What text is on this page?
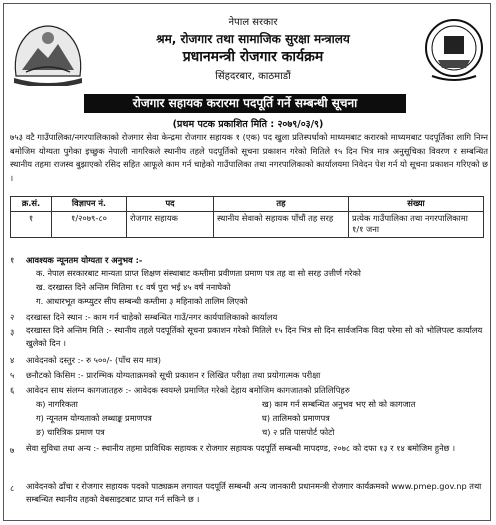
नेपाल सरकार
श्रम, रोजगार तथा सामाजिक सुरक्षा मन्त्रालय
प्रधानमन्त्री रोजगार कार्यक्रम
सिंहदरबार, काठमाडौं
रोजगार सहायक करारमा पदपूर्ति गर्ने सम्बन्धी सूचना
(प्रथम पटक प्रकाशित मिति : २०७९/०३/९)
७५३ वटै गाउँपालिका/नगरपालिकाको रोजगार सेवा केन्द्रमा रोजगार सहायक १ (एक) पद खुला प्रतिस्पर्धाको माध्यमबाट करारको माध्यमबाट पदपूर्तिका लागि निम्न बमोजिम योग्यता पुगेका इच्छुक नेपाली नागरिकले स्थानीय तहले पदपूर्तिको सूचना प्रकाशन गरेको मितिले १५ दिन भित्र मात्र अनुसूचिका विवरण र सम्बन्धित स्थानीय तहमा राजस्व बुझाएको रसिद सहित आफूले काम गर्न चाहेको गाउँपालिका तथा नगरपालिकाको कार्यालयमा निवेदन पेश गर्न यो सूचना प्रकाशन गरिएको छ ।
क्र.सं.	विज्ञापन नं.	पद	तह	संख्या
१	१/२०७९-८०	रोजगार सहायक	स्थानीय सेवाको सहायक पाँचौं तह सरह	प्रत्येक गाउँपालिका तथा नगरपालिकामा १/१ जना
१ आवश्यक न्यूनतम योग्यता र अनुभव :-
क. नेपाल सरकारबाट मान्यता प्राप्त शिक्षण संस्थाबाट कम्तीमा प्रवीणता प्रमाण पत्र तह वा सो सरह उत्तीर्ण गरेको
ख. दरखास्त दिने अन्तिम मितिमा १८ वर्ष पुरा भई ४५ वर्ष ननाघेको
ग. आधारभूत कम्प्युटर सीप सम्बन्धी कम्तीमा ३ महिनाको तालिम लिएको
२ दरखास्त दिने स्थान :- काम गर्न चाहेको सम्बन्धित गाउँ/नगर कार्यपालिकाको कार्यालय
३ दरखास्त दिने अन्तिम मिति :- स्थानीय तहले पदपूर्तिको सूचना प्रकाशन गरेको मितिले १५ दिन भित्र सो दिन सार्वजनिक विदा परेमा सो को भोलिपल्ट कार्यालय खुलेको दिन ।
४ आवेदनको दस्तुर :- रु ५००/- (पाँच सय मात्र)
५ छनौटको किसिम :- प्रारम्भिक योग्यताक्रमको सूची प्रकाशन र लिखित परीक्षा तथा प्रयोगात्मक परीक्षा
६ आवेदन साथ संलग्न कागजातहरु :- आवेदक स्वयम्ले प्रमाणित गरेको देहाय बमोजिम कागजातको प्रतिलिपिहरु
क) नागरिकता	ख) काम गर्न सम्बन्धित अनुभव भए सो को कागजात
ग) न्यूनतम योग्यताको लब्धाङ्क प्रमाणपत्र	घ) तालिमको प्रमाणपत्र
ङ) चारित्रिक प्रमाण पत्र	च) २ प्रति पासपोर्ट फोटो
७ सेवा सुविधा तथा अन्य :- स्थानीय तहमा प्राविधिक सहायक र रोजगार सहायक पदपूर्ति सम्बन्धी मापदण्ड, २०७८ को दफा १३ र १४ बमोजिम हुनेछ ।
८ आवेदनको ढाँचा र रोजगार सहायक पदको पाठ्यक्रम लगायत पदपूर्ति सम्बन्धी अन्य जानकारी प्रधानमन्त्री रोजगार कार्यक्रमको www.pmep.gov.np तथा सम्बन्धित स्थानीय तहको वेबसाइटबाट प्राप्त गर्न सकिने छ ।
